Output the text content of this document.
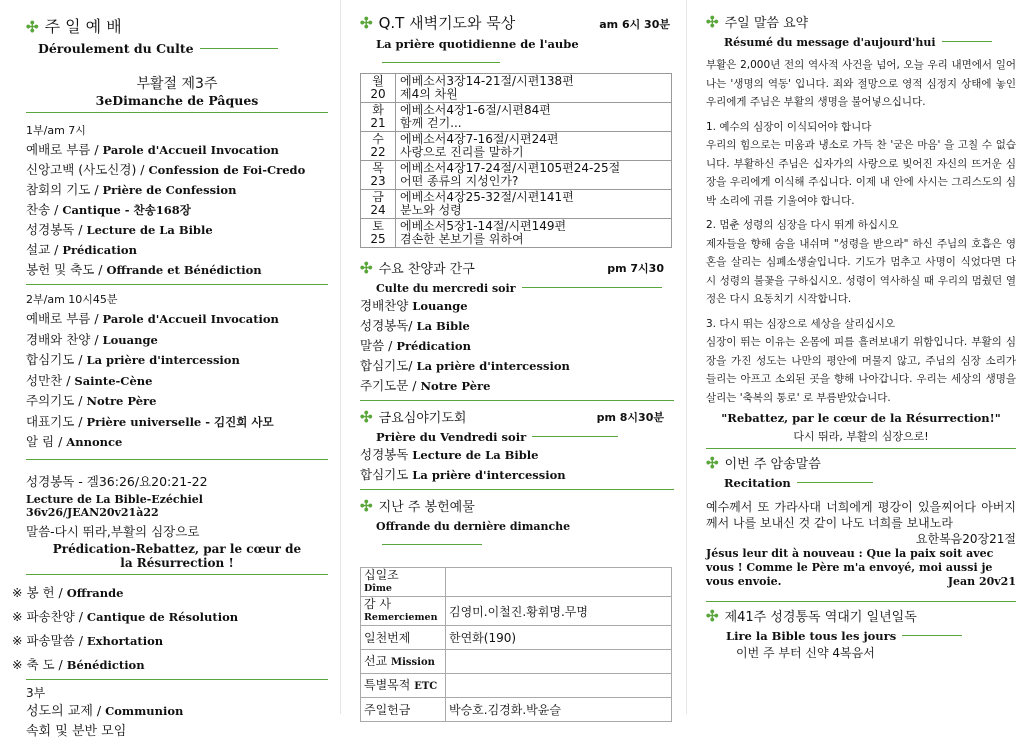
✣ 주 일 예 배
Déroulement du Culte
부활절 제3주
3eDimanche de Pâques
1부/am 7시
예배로 부름 / Parole d'Accueil Invocation
신앙고백 (사도신경) / Confession de Foi-Credo
참회의 기도 / Prière de Confession
찬송 / Cantique - 찬송168장
성경봉독 / Lecture de La Bible
설교 / Prédication
봉헌 및 축도 / Offrande et Bénédiction
2부/am 10시45분
예배로 부름 / Parole d'Accueil Invocation
경배와 찬양 / Louange
합심기도 / La prière d'intercession
성만찬 / Sainte-Cène
주의기도 / Notre Père
대표기도 / Prière universelle - 김진희 사모
알 림 / Annonce
성경봉독 - 겔36:26/요20:21-22
Lecture de La Bible-Ezéchiel 36v26/JEAN20v21à22
말씀-다시 뛰라,부활의 심장으로
Prédication-Rebattez, par le cœur de
la Résurrection !
※ 봉 헌 / Offrande
※ 파송찬양 / Cantique de Résolution
※ 파송말씀 / Exhortation
※ 축 도 / Bénédiction
3부
성도의 교제 / Communion
속회 및 분반 모임
✣ Q.T 새벽기도와 묵상	am 6시 30분
La prière quotidienne de l'aube
월20	에베소서3장14-21절/시편138편
제4의 차원

화21	에베소서4장1-6절/시편84편
함께 걷기...

수22	에베소서4장7-16절/시편24편
사랑으로 진리를 말하기

목23	에베소서4장17-24절/시편105편24-25절
어떤 종류의 지성인가?

금24	에베소서4장25-32절/시편141편
분노와 성령

토25	에베소서5장1-14절/시편149편
겸손한 본보기를 위하여
✣ 수요 찬양과 간구	pm 7시30
Culte du mercredi soir
경배찬양 Louange
성경봉독/ La Bible
말씀 / Prédication
합심기도/ La prière d'intercession
주기도문 / Notre Père
✣ 금요심야기도회	pm 8시30분
Prière du Vendredi soir
성경봉독 Lecture de La Bible
합심기도 La prière d'intercession
✣ 지난 주 봉헌예물
Offrande du dernière dimanche
십일조
Dîme	
감 사
Remerciemen	김영미.이철진.황휘명.무명
일천번제	한연화(190)
선교 Mission	
특별목적 ETC	
주일헌금	박승호.김경화.박윤슬
✣ 주일 말씀 요약
Résumé du message d'aujourd'hui
부활은 2,000년 전의 역사적 사건을 넘어, 오늘 우리 내면에서 일어나는 '생명의 역동' 입니다. 죄와 절망으로 영적 심정지 상태에 놓인 우리에게 주님은 부활의 생명을 불어넣으십니다.
1. 예수의 심장이 이식되어야 합니다
우리의 힘으로는 미움과 냉소로 가득 찬 '굳은 마음' 을 고칠 수 없습니다. 부활하신 주님은 십자가의 사랑으로 빚어진 자신의 뜨거운 심장을 우리에게 이식해 주십니다. 이제 내 안에 사시는 그리스도의 심박 소리에 귀를 기울여야 합니다.
2. 멈춘 성령의 심장을 다시 뛰게 하십시오
제자들을 향해 숨을 내쉬며 "성령을 받으라" 하신 주님의 호흡은 영혼을 살리는 심폐소생술입니다. 기도가 멈추고 사명이 식었다면 다시 성령의 불꽃을 구하십시오. 성령이 역사하실 때 우리의 멈췄던 열정은 다시 요동치기 시작합니다.
3. 다시 뛰는 심장으로 세상을 살리십시오
심장이 뛰는 이유는 온몸에 피를 흘려보내기 위함입니다. 부활의 심장을 가진 성도는 나만의 평안에 머물지 않고, 주님의 심장 소리가 들리는 아프고 소외된 곳을 향해 나아갑니다. 우리는 세상의 생명을 살리는 '축복의 통로' 로 부름받았습니다.
"Rebattez, par le cœur de la Résurrection!"
다시 뛰라, 부활의 심장으로!
✣ 이번 주 암송말씀
Recitation
예수께서 또 가라사대 너희에게 평강이 있을찌어다 아버지께서 나를 보내신 것 같이 나도 너희를 보내노라
요한복음20장21절
Jésus leur dit à nouveau : Que la paix soit avec vous ! Comme le Père m'a envoyé, moi aussi je vous envoie.	Jean 20v21
✣ 제41주 성경통독 역대기 일년일독
Lire la Bible tous les jours
이번 주 부터 신약 4복음서
